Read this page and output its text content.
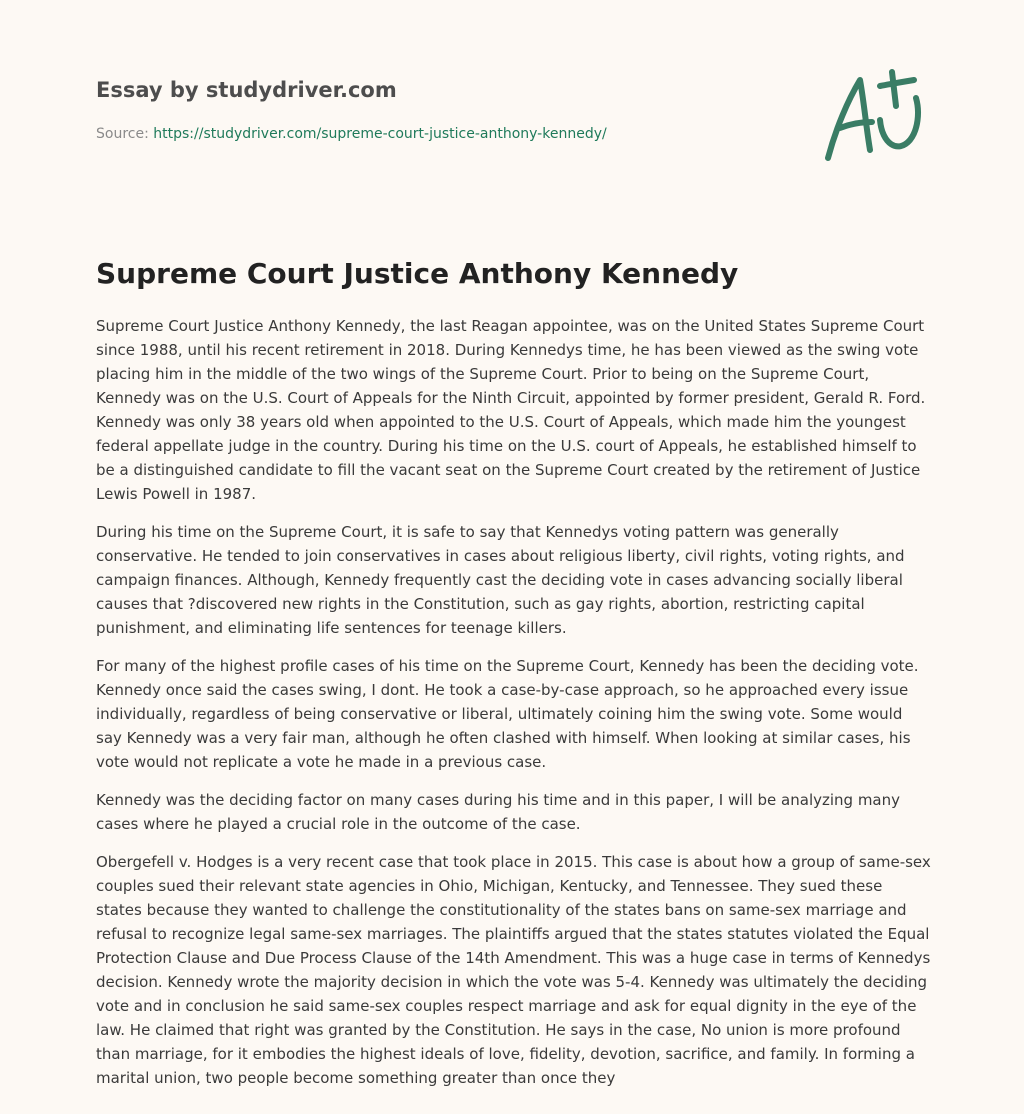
Essay by studydriver.com
Source: https://studydriver.com/supreme-court-justice-anthony-kennedy/
Supreme Court Justice Anthony Kennedy

Supreme Court Justice Anthony Kennedy, the last Reagan appointee, was on the United States Supreme Court since 1988, until his recent retirement in 2018. During Kennedys time, he has been viewed as the swing vote placing him in the middle of the two wings of the Supreme Court. Prior to being on the Supreme Court, Kennedy was on the U.S. Court of Appeals for the Ninth Circuit, appointed by former president, Gerald R. Ford. Kennedy was only 38 years old when appointed to the U.S. Court of Appeals, which made him the youngest federal appellate judge in the country. During his time on the U.S. court of Appeals, he established himself to be a distinguished candidate to fill the vacant seat on the Supreme Court created by the retirement of Justice Lewis Powell in 1987.

During his time on the Supreme Court, it is safe to say that Kennedys voting pattern was generally conservative. He tended to join conservatives in cases about religious liberty, civil rights, voting rights, and campaign finances. Although, Kennedy frequently cast the deciding vote in cases advancing socially liberal causes that ?discovered new rights in the Constitution, such as gay rights, abortion, restricting capital punishment, and eliminating life sentences for teenage killers.

For many of the highest profile cases of his time on the Supreme Court, Kennedy has been the deciding vote. Kennedy once said the cases swing, I dont. He took a case-by-case approach, so he approached every issue individually, regardless of being conservative or liberal, ultimately coining him the swing vote. Some would say Kennedy was a very fair man, although he often clashed with himself. When looking at similar cases, his vote would not replicate a vote he made in a previous case.

Kennedy was the deciding factor on many cases during his time and in this paper, I will be analyzing many cases where he played a crucial role in the outcome of the case.

Obergefell v. Hodges is a very recent case that took place in 2015. This case is about how a group of same-sex couples sued their relevant state agencies in Ohio, Michigan, Kentucky, and Tennessee. They sued these states because they wanted to challenge the constitutionality of the states bans on same-sex marriage and refusal to recognize legal same-sex marriages. The plaintiffs argued that the states statutes violated the Equal Protection Clause and Due Process Clause of the 14th Amendment. This was a huge case in terms of Kennedys decision. Kennedy wrote the majority decision in which the vote was 5-4. Kennedy was ultimately the deciding vote and in conclusion he said same-sex couples respect marriage and ask for equal dignity in the eye of the law. He claimed that right was granted by the Constitution. He says in the case, No union is more profound than marriage, for it embodies the highest ideals of love, fidelity, devotion, sacrifice, and family. In forming a marital union, two people become something greater than once they
